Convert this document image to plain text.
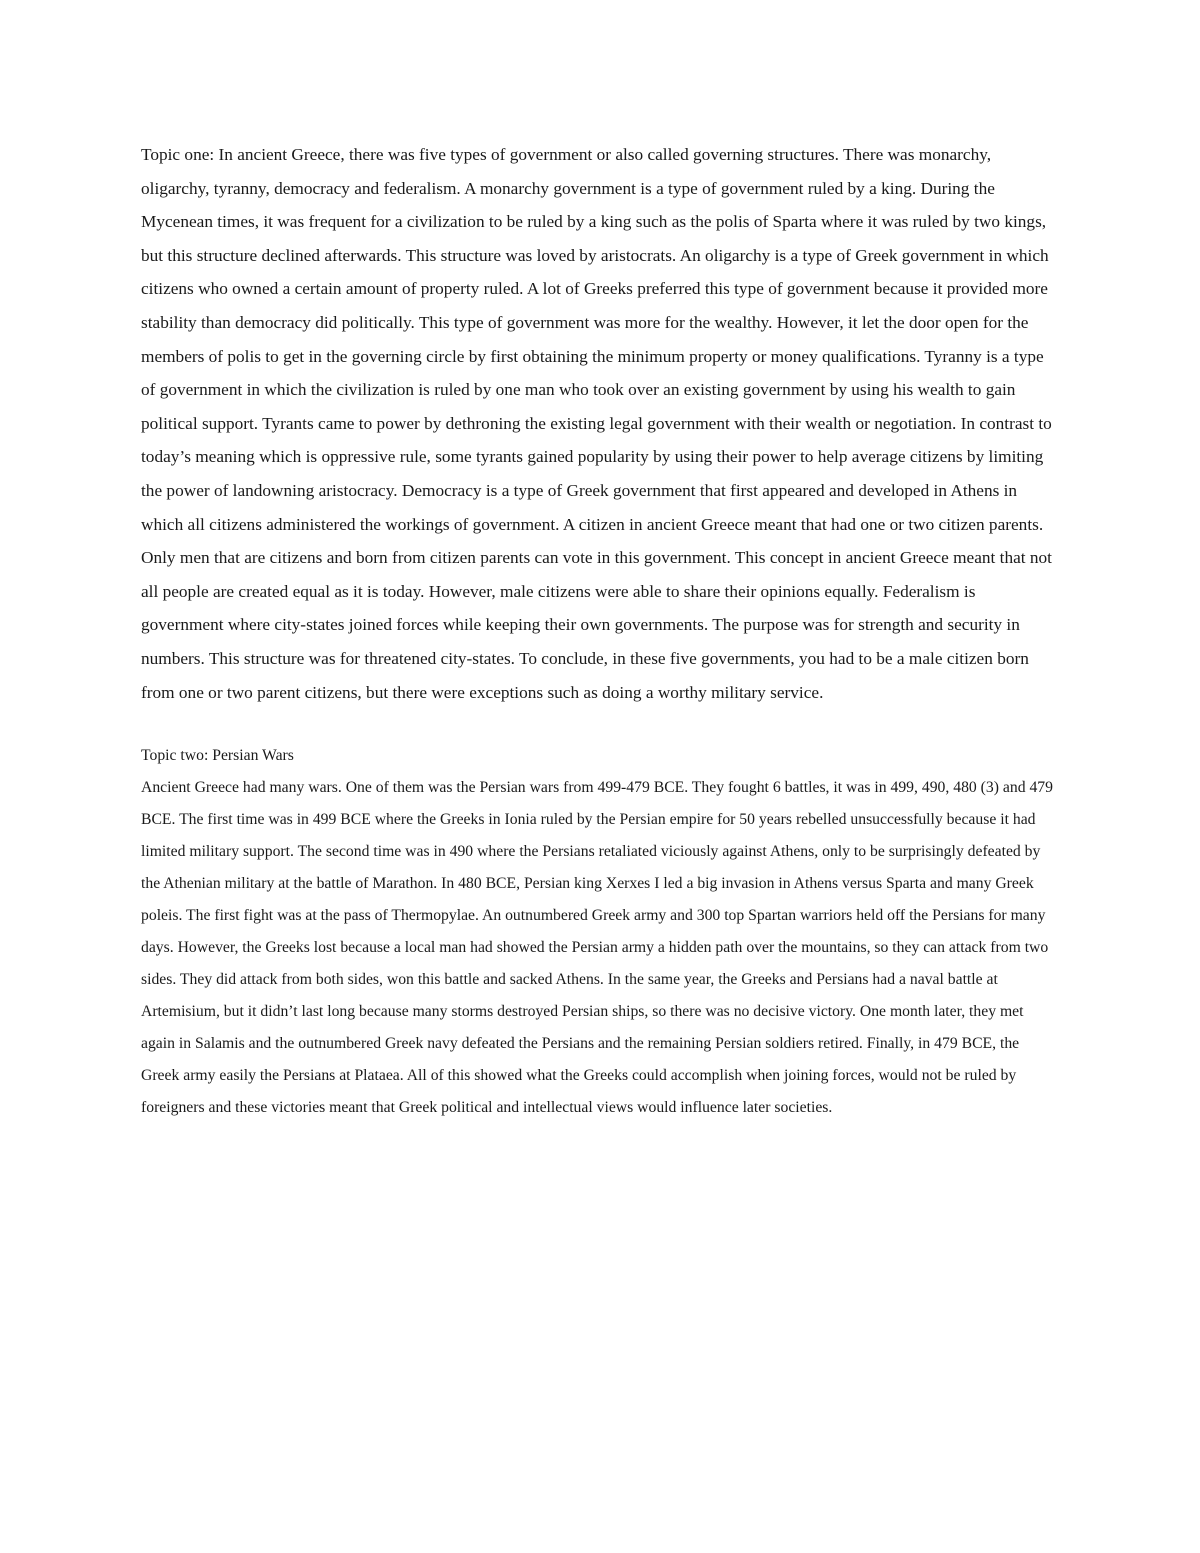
Topic one: In ancient Greece, there was five types of government or also called governing structures. There was monarchy, oligarchy, tyranny, democracy and federalism. A monarchy government is a type of government ruled by a king. During the Mycenean times, it was frequent for a civilization to be ruled by a king such as the polis of Sparta where it was ruled by two kings, but this structure declined afterwards. This structure was loved by aristocrats. An oligarchy is a type of Greek government in which citizens who owned a certain amount of property ruled. A lot of Greeks preferred this type of government because it provided more stability than democracy did politically. This type of government was more for the wealthy. However, it let the door open for the members of polis to get in the governing circle by first obtaining the minimum property or money qualifications. Tyranny is a type of government in which the civilization is ruled by one man who took over an existing government by using his wealth to gain political support. Tyrants came to power by dethroning the existing legal government with their wealth or negotiation. In contrast to today’s meaning which is oppressive rule, some tyrants gained popularity by using their power to help average citizens by limiting the power of landowning aristocracy. Democracy is a type of Greek government that first appeared and developed in Athens in which all citizens administered the workings of government. A citizen in ancient Greece meant that had one or two citizen parents. Only men that are citizens and born from citizen parents can vote in this government. This concept in ancient Greece meant that not all people are created equal as it is today. However, male citizens were able to share their opinions equally. Federalism is government where city-states joined forces while keeping their own governments. The purpose was for strength and security in numbers. This structure was for threatened city-states. To conclude, in these five governments, you had to be a male citizen born from one or two parent citizens, but there were exceptions such as doing a worthy military service.

Topic two: Persian Wars

Ancient Greece had many wars. One of them was the Persian wars from 499-479 BCE. They fought 6 battles, it was in 499, 490, 480 (3) and 479 BCE. The first time was in 499 BCE where the Greeks in Ionia ruled by the Persian empire for 50 years rebelled unsuccessfully because it had limited military support. The second time was in 490 where the Persians retaliated viciously against Athens, only to be surprisingly defeated by the Athenian military at the battle of Marathon. In 480 BCE, Persian king Xerxes I led a big invasion in Athens versus Sparta and many Greek poleis. The first fight was at the pass of Thermopylae. An outnumbered Greek army and 300 top Spartan warriors held off the Persians for many days. However, the Greeks lost because a local man had showed the Persian army a hidden path over the mountains, so they can attack from two sides. They did attack from both sides, won this battle and sacked Athens. In the same year, the Greeks and Persians had a naval battle at Artemisium, but it didn’t last long because many storms destroyed Persian ships, so there was no decisive victory. One month later, they met again in Salamis and the outnumbered Greek navy defeated the Persians and the remaining Persian soldiers retired. Finally, in 479 BCE, the Greek army easily the Persians at Plataea. All of this showed what the Greeks could accomplish when joining forces, would not be ruled by foreigners and these victories meant that Greek political and intellectual views would influence later societies.
